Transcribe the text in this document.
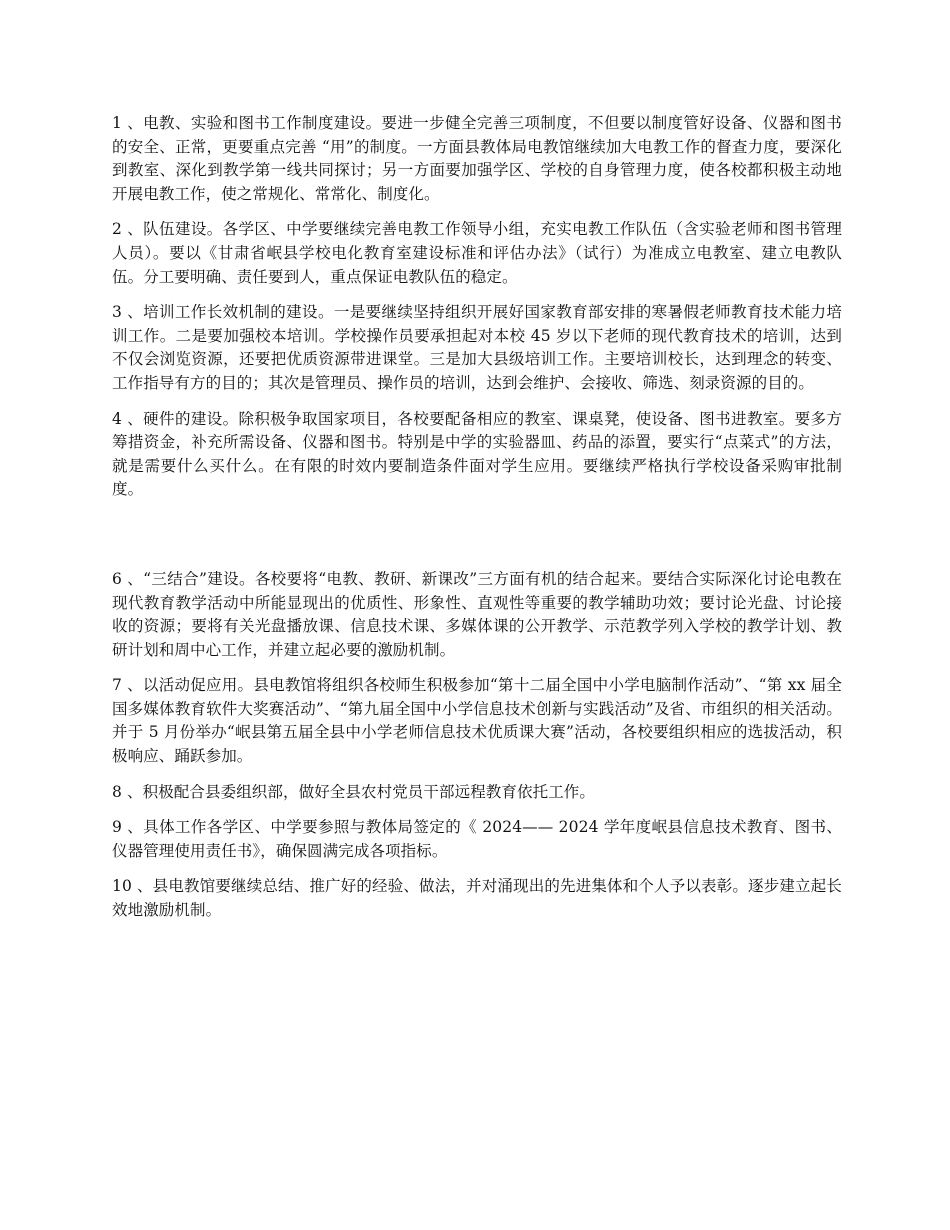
1 、电教、实验和图书工作制度建设。要进一步健全完善三项制度，不但要以制度管好设备、仪器和图书的安全、正常，更要重点完善 “用”的制度。一方面县教体局电教馆继续加大电教工作的督查力度，要深化到教室、深化到教学第一线共同探讨；另一方面要加强学区、学校的自身管理力度，使各校都积极主动地开展电教工作，使之常规化、常常化、制度化。

2 、队伍建设。各学区、中学要继续完善电教工作领导小组，充实电教工作队伍（含实验老师和图书管理人员）。要以《甘肃省岷县学校电化教育室建设标准和评估办法》（试行）为准成立电教室、建立电教队伍。分工要明确、责任要到人，重点保证电教队伍的稳定。

3 、培训工作长效机制的建设。一是要继续坚持组织开展好国家教育部安排的寒暑假老师教育技术能力培训工作。二是要加强校本培训。学校操作员要承担起对本校 45 岁以下老师的现代教育技术的培训，达到不仅会浏览资源，还要把优质资源带进课堂。三是加大县级培训工作。主要培训校长，达到理念的转变、工作指导有方的目的；其次是管理员、操作员的培训，达到会维护、会接收、筛选、刻录资源的目的。

4 、硬件的建设。除积极争取国家项目，各校要配备相应的教室、课桌凳，使设备、图书进教室。要多方筹措资金，补充所需设备、仪器和图书。特别是中学的实验器皿、药品的添置，要实行“点菜式”的方法，就是需要什么买什么。在有限的时效内要制造条件面对学生应用。要继续严格执行学校设备采购审批制度。

6 、“三结合”建设。各校要将“电教、教研、新课改”三方面有机的结合起来。要结合实际深化讨论电教在现代教育教学活动中所能显现出的优质性、形象性、直观性等重要的教学辅助功效；要讨论光盘、讨论接收的资源；要将有关光盘播放课、信息技术课、多媒体课的公开教学、示范教学列入学校的教学计划、教研计划和周中心工作，并建立起必要的激励机制。

7 、以活动促应用。县电教馆将组织各校师生积极参加“第十二届全国中小学电脑制作活动”、“第 xx 届全国多媒体教育软件大奖赛活动”、“第九届全国中小学信息技术创新与实践活动”及省、市组织的相关活动。并于 5 月份举办“岷县第五届全县中小学老师信息技术优质课大赛”活动，各校要组织相应的选拔活动，积极响应、踊跃参加。

8 、积极配合县委组织部，做好全县农村党员干部远程教育依托工作。

9 、具体工作各学区、中学要参照与教体局签定的《 2024—— 2024 学年度岷县信息技术教育、图书、仪器管理使用责任书》，确保圆满完成各项指标。

10 、县电教馆要继续总结、推广好的经验、做法，并对涌现出的先进集体和个人予以表彰。逐步建立起长效地激励机制。
